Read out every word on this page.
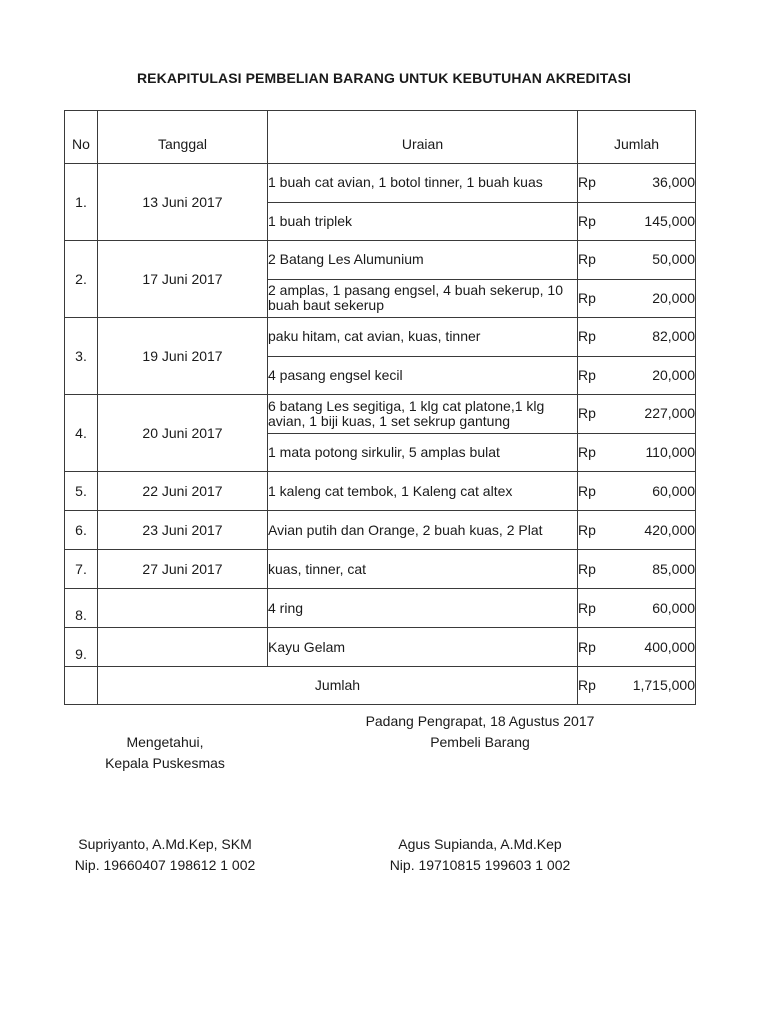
REKAPITULASI PEMBELIAN BARANG UNTUK KEBUTUHAN AKREDITASI
No	Tanggal	Uraian	Jumlah	
1.	13 Juni 2017	1 buah cat avian, 1 botol tinner, 1 buah kuas	Rp	36,000
		1 buah triplek	Rp	145,000
2.	17 Juni 2017	2 Batang Les Alumunium	Rp	50,000
		2 amplas, 1 pasang engsel, 4 buah sekerup, 10 buah baut sekerup	Rp	20,000
3.	19 Juni 2017	paku hitam, cat avian, kuas, tinner	Rp	82,000
		4 pasang engsel kecil	Rp	20,000
4.	20 Juni 2017	6 batang Les segitiga, 1 klg cat platone,1 klg avian, 1 biji kuas, 1 set sekrup gantung	Rp	227,000
		1 mata potong sirkulir, 5 amplas bulat	Rp	110,000
5.	22 Juni 2017	1 kaleng cat tembok, 1 Kaleng cat altex	Rp	60,000
6.	23 Juni 2017	Avian putih dan Orange, 2 buah kuas, 2 Plat	Rp	420,000
7.	27 Juni 2017	kuas, tinner, cat	Rp	85,000
8.		4 ring	Rp	60,000
9.		Kayu Gelam	Rp	400,000
	Jumlah		Rp	1,715,000
Padang Pengrapat, 18 Agustus 2017
Pembeli Barang
Mengetahui,
Kepala Puskesmas
Supriyanto, A.Md.Kep, SKM
Nip. 19660407 198612 1 002
Agus Supianda, A.Md.Kep
Nip. 19710815 199603 1 002
